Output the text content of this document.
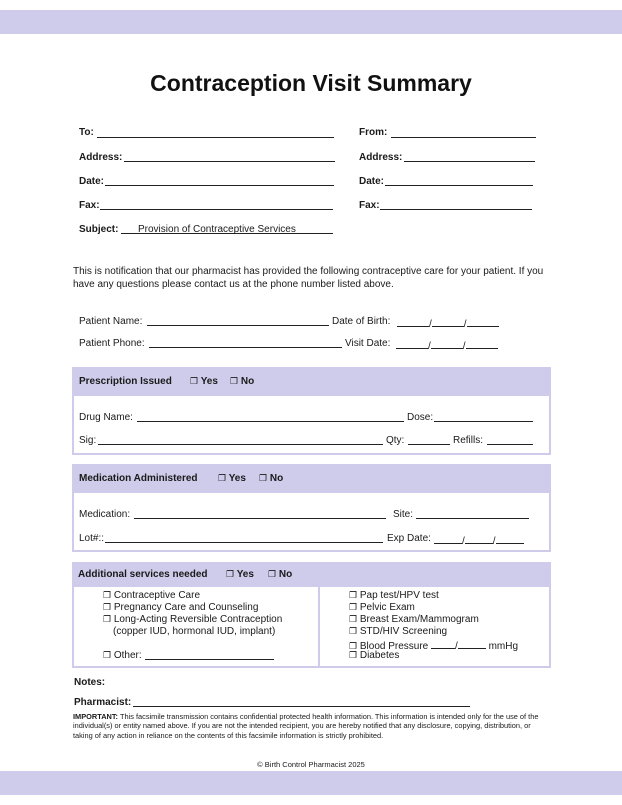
Contraception Visit Summary
To:	From:
Address:	Address:
Date:	Date:
Fax:	Fax:
Subject: Provision of Contraceptive Services
This is notification that our pharmacist has provided the following contraceptive care for your patient. If you have any questions please contact us at the phone number listed above.
Patient Name:	Date of Birth:	/	/
Patient Phone:	Visit Date:	/	/
Prescription Issued ❐ Yes ❐ No
Drug Name:	Dose:
Sig:	Qty:	Refills:
Medication Administered ❐ Yes ❐ No
Medication:	Site:
Lot#::	Exp Date:	/	/
Additional services needed ❐ Yes ❐ No
❐ Contraceptive Care
❐ Pregnancy Care and Counseling
❐ Long-Acting Reversible Contraception
(copper IUD, hormonal IUD, implant)
❐ Other:
❐ Pap test/HPV test
❐ Pelvic Exam
❐ Breast Exam/Mammogram
❐ STD/HIV Screening
❐ Blood Pressure	/	mmHg
❐ Diabetes
Notes:
Pharmacist:
IMPORTANT: This facsimile transmission contains confidential protected health information. This information is intended only for the use of the individual(s) or entity named above. If you are not the intended recipient, you are hereby notified that any disclosure, copying, distribution, or taking of any action in reliance on the contents of this facsimile information is strictly prohibited.
© Birth Control Pharmacist 2025
